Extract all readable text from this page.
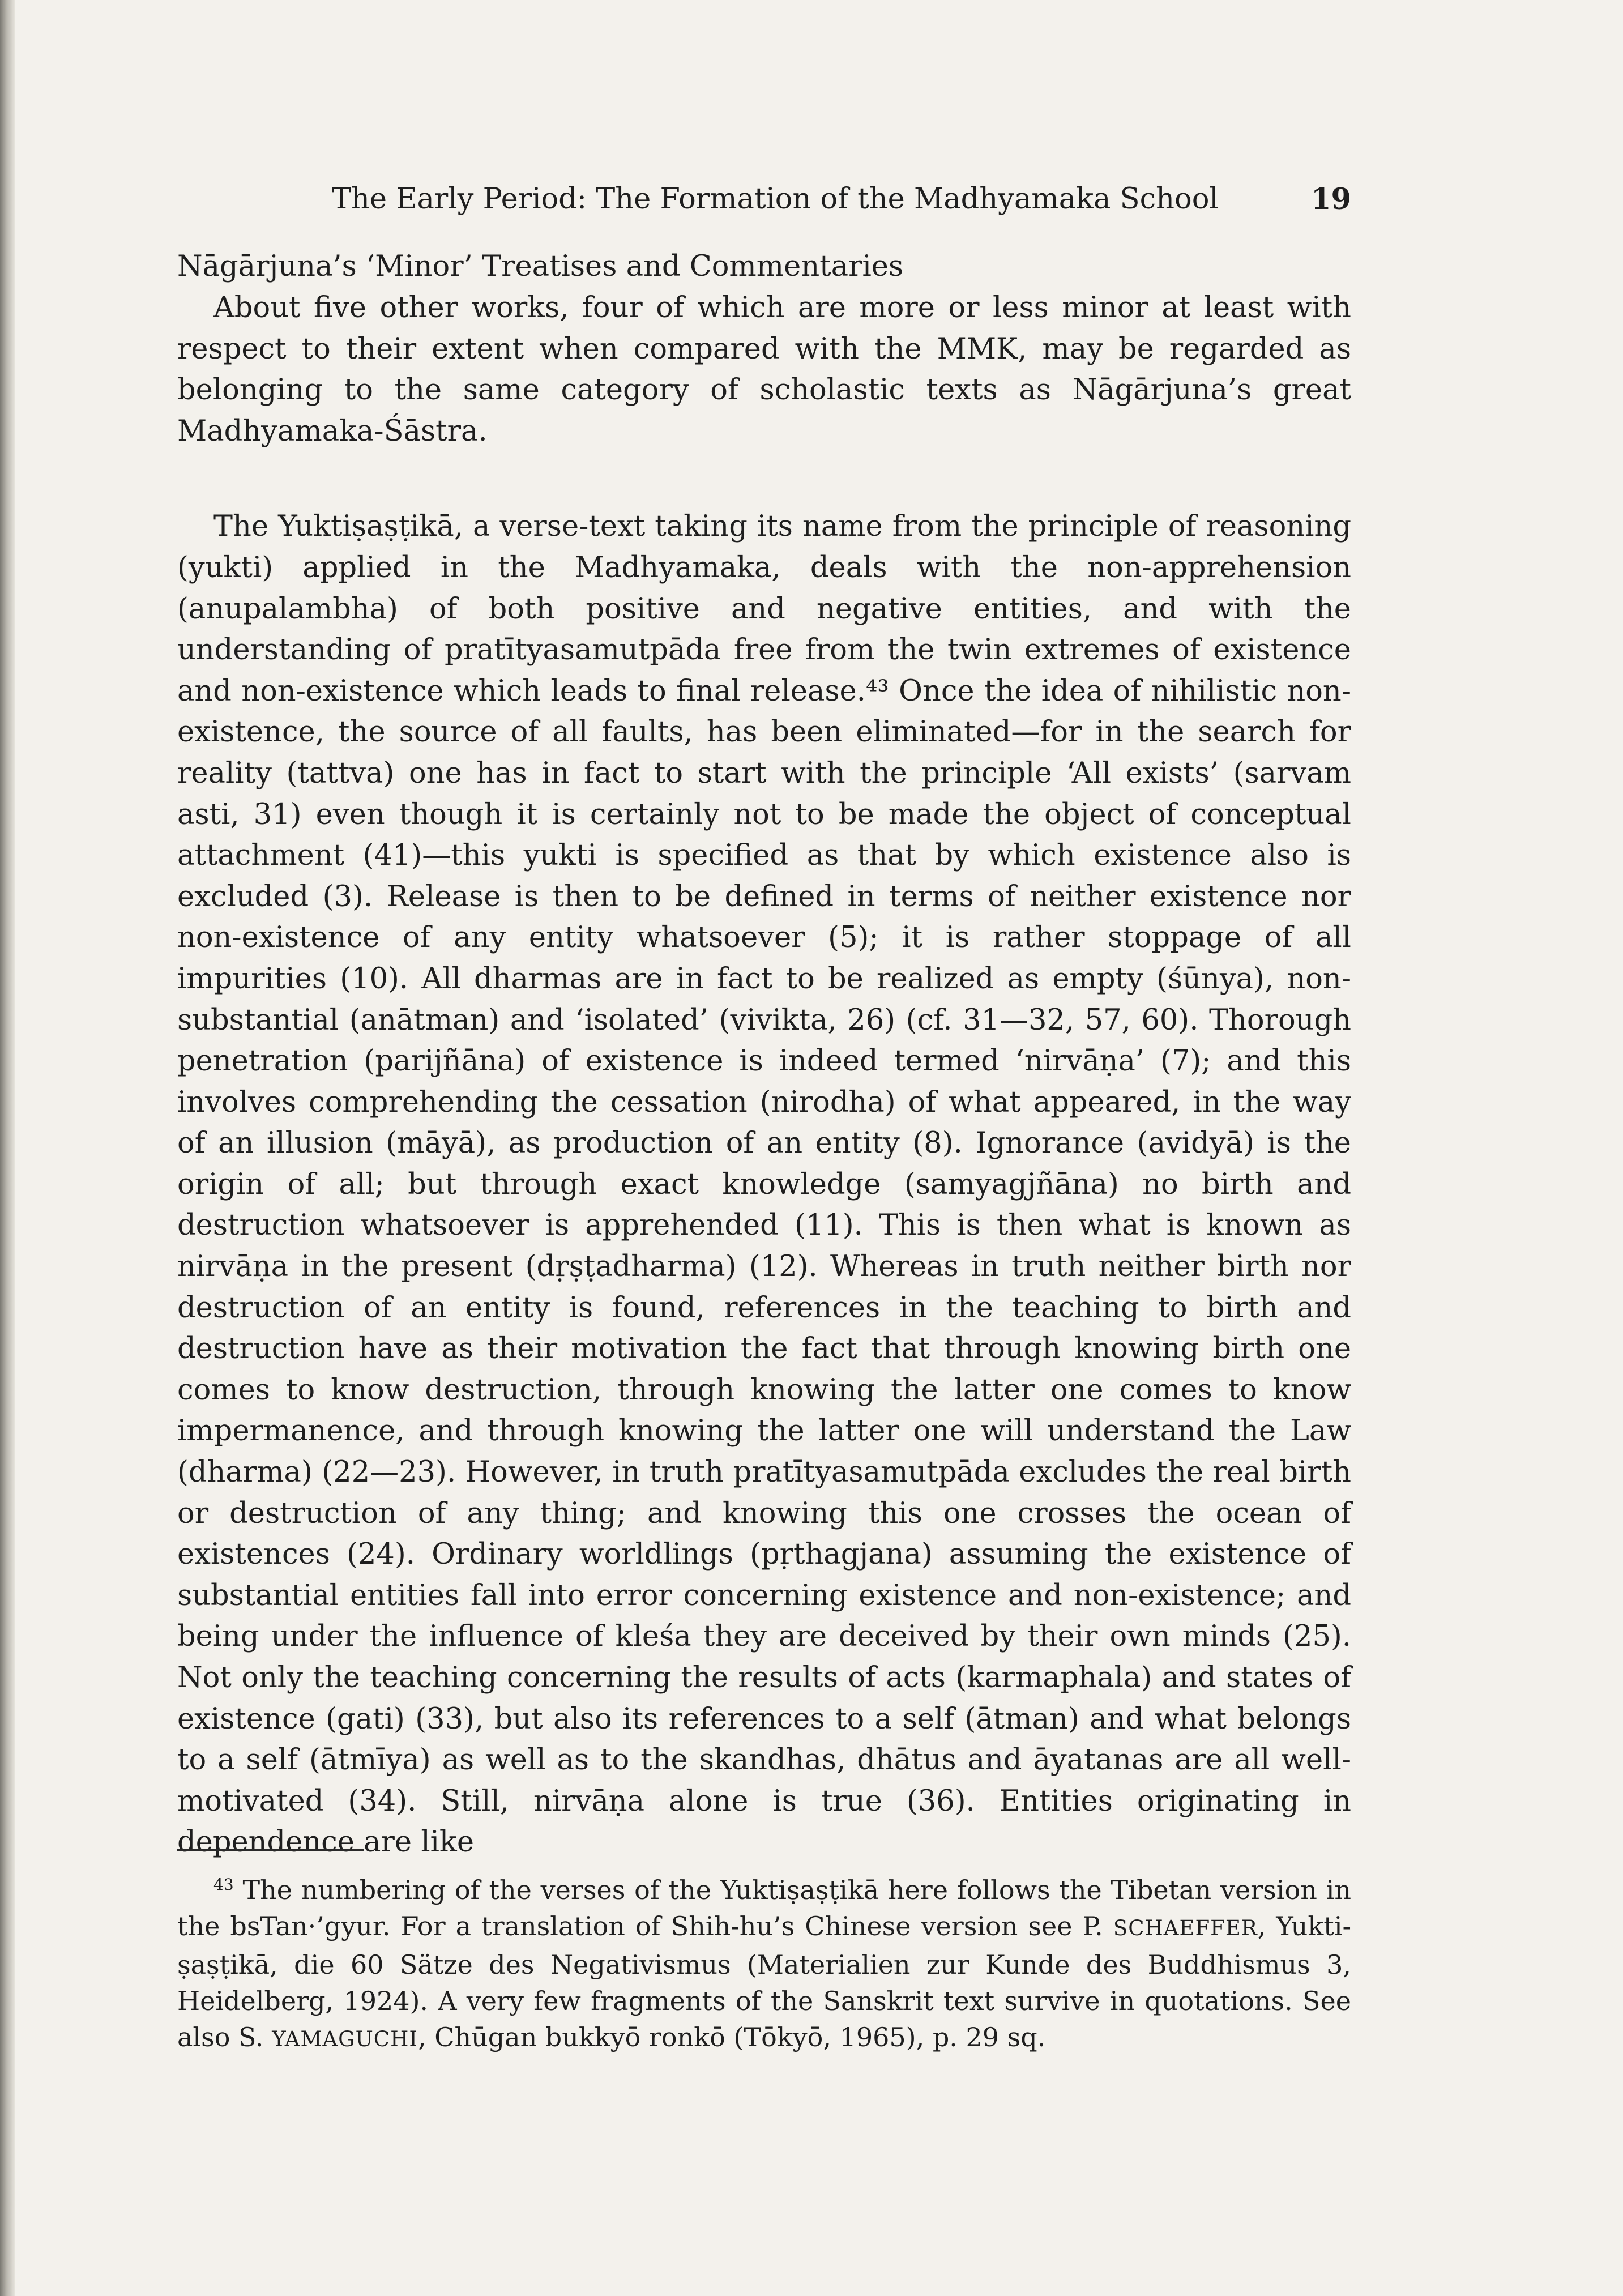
The Early Period: The Formation of the Madhyamaka School	19
Nāgārjuna’s ‘Minor’ Treatises and Commentaries

About five other works, four of which are more or less minor at least with respect to their extent when compared with the MMK, may be regarded as belonging to the same category of scholastic texts as Nāgārjuna’s great Madhyamaka-Śāstra.

The Yuktiṣaṣṭikā, a verse-text taking its name from the principle of reasoning (yukti) applied in the Madhyamaka, deals with the non-apprehension (anupalambha) of both positive and negative entities, and with the understanding of pratītyasamutpāda free from the twin extremes of existence and non-existence which leads to final release.⁴³ Once the idea of nihilistic non-existence, the source of all faults, has been eliminated—for in the search for reality (tattva) one has in fact to start with the principle ‘All exists’ (sarvam asti, 31) even though it is certainly not to be made the object of conceptual attachment (41)—this yukti is specified as that by which existence also is excluded (3). Release is then to be defined in terms of neither existence nor non-existence of any entity whatsoever (5); it is rather stoppage of all impurities (10). All dharmas are in fact to be realized as empty (śūnya), non-substantial (anātman) and ‘isolated’ (vivikta, 26) (cf. 31—32, 57, 60). Thorough penetration (parijñāna) of existence is indeed termed ‘nirvāṇa’ (7); and this involves comprehending the cessation (nirodha) of what appeared, in the way of an illusion (māyā), as production of an entity (8). Ignorance (avidyā) is the origin of all; but through exact knowledge (samyagjñāna) no birth and destruction whatsoever is apprehended (11). This is then what is known as nirvāṇa in the present (dṛṣṭadharma) (12). Whereas in truth neither birth nor destruction of an entity is found, references in the teaching to birth and destruction have as their motivation the fact that through knowing birth one comes to know destruction, through knowing the latter one comes to know impermanence, and through knowing the latter one will understand the Law (dharma) (22—23). However, in truth pratītyasamutpāda excludes the real birth or destruction of any thing; and knowing this one crosses the ocean of existences (24). Ordinary worldlings (pṛthagjana) assuming the existence of substantial entities fall into error concerning existence and non-existence; and being under the influence of kleśa they are deceived by their own minds (25). Not only the teaching concerning the results of acts (karmaphala) and states of existence (gati) (33), but also its references to a self (ātman) and what belongs to a self (ātmīya) as well as to the skandhas, dhātus and āyatanas are all well-motivated (34). Still, nirvāṇa alone is true (36). Entities originating in dependence are like

$^{43}$ The numbering of the verses of the Yuktiṣaṣṭikā here follows the Tibetan version in the bsTan·’gyur. For a translation of Shih-hu’s Chinese version see P. SCHAEFFER, Yukti-ṣaṣṭikā, die 60 Sätze des Negativismus (Materialien zur Kunde des Buddhismus 3, Heidelberg, 1924). A very few fragments of the Sanskrit text survive in quotations. See also S. YAMAGUCHI, Chūgan bukkyō ronkō (Tōkyō, 1965), p. 29 sq.
